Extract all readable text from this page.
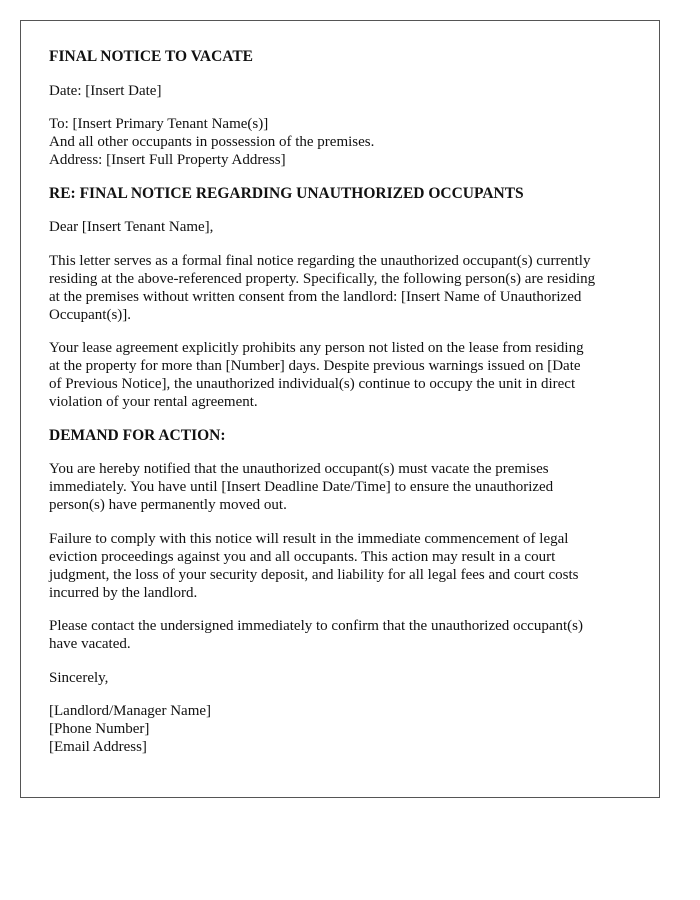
FINAL NOTICE TO VACATE

Date: [Insert Date]

To: [Insert Primary Tenant Name(s)]
And all other occupants in possession of the premises.
Address: [Insert Full Property Address]

RE: FINAL NOTICE REGARDING UNAUTHORIZED OCCUPANTS

Dear [Insert Tenant Name],

This letter serves as a formal final notice regarding the unauthorized occupant(s) currently
residing at the above-referenced property. Specifically, the following person(s) are residing
at the premises without written consent from the landlord: [Insert Name of Unauthorized
Occupant(s)].

Your lease agreement explicitly prohibits any person not listed on the lease from residing
at the property for more than [Number] days. Despite previous warnings issued on [Date
of Previous Notice], the unauthorized individual(s) continue to occupy the unit in direct
violation of your rental agreement.

DEMAND FOR ACTION:

You are hereby notified that the unauthorized occupant(s) must vacate the premises
immediately. You have until [Insert Deadline Date/Time] to ensure the unauthorized
person(s) have permanently moved out.

Failure to comply with this notice will result in the immediate commencement of legal
eviction proceedings against you and all occupants. This action may result in a court
judgment, the loss of your security deposit, and liability for all legal fees and court costs
incurred by the landlord.

Please contact the undersigned immediately to confirm that the unauthorized occupant(s)
have vacated.

Sincerely,

[Landlord/Manager Name]
[Phone Number]
[Email Address]
